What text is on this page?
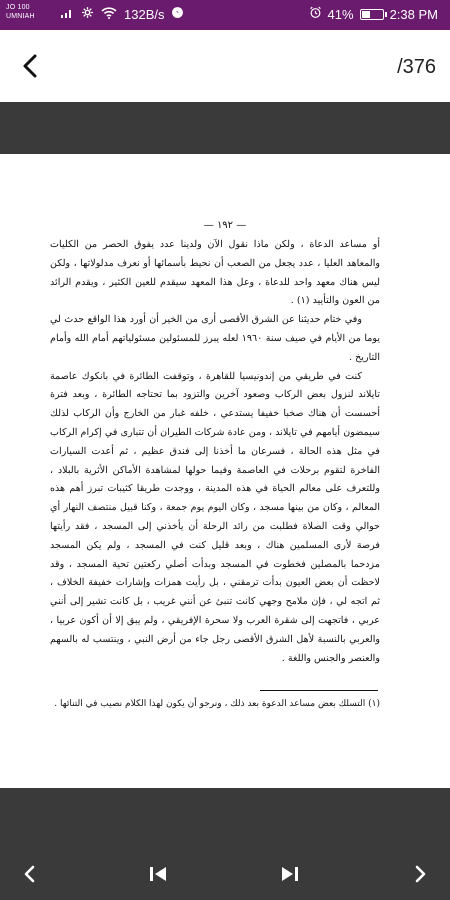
JO 100
UMNIAH	132B/s	41%	2:38 PM
/376
— ١٩٢ —

أو مساعد الدعاة ، ولكن ماذا نقول الآن ولدينا عدد يفوق الحصر من الكليات والمعاهد العليا ، عدد يجعل من الصعب أن نحيط بأسمائها أو نعرف مدلولاتها ، ولكن ليس هناك معهد واحد للدعاة ، وعل هذا المعهد سيقدم للعين الكثير ، ويقدم الرائد من العون والتأييد (١) .

وفي ختام حديثنا عن الشرق الأقصى أرى من الخير أن أورد هذا الواقع حدث لي يوما من الأيام في صيف سنة ١٩٦٠ لعله يبرز للمسئولين مسئولياتهم أمام الله وأمام التاريخ .

كنت في طريقي من إندونيسيا للقاهرة ، وتوقفت الطائرة في بانكوك عاصمة تايلاند لنزول بعض الركاب وصعود آخرين والتزود بما تحتاجه الطائرة ، وبعد فترة أحسست أن هناك صخبا خفيفا يستدعي ، خلفه غبار من الخارج وأن الركاب لذلك سيمضون أيامهم في تايلاند ، ومن عادة شركات الطيران أن تتبارى في إكرام الركاب في مثل هذه الحالة ، فسرعان ما أخذنا إلى فندق عظيم ، ثم أعدت السيارات الفاخرة لتقوم برحلات في العاصمة وفيما حولها لمشاهدة الأماكن الأثرية بالبلاد ، وللتعرف على معالم الحياة في هذه المدينة ، ووجدت طريقا كثيبات تبرز أهم هذه المعالم ، وكان من بينها مسجد ، وكان اليوم يوم جمعة ، وكنا قبيل منتصف النهار أي حوالي وقت الصلاة فطلبت من رائد الرحلة أن يأخذني إلى المسجد ، فقد رأيتها فرصة لأرى المسلمين هناك ، وبعد قليل كنت في المسجد ، ولم يكن المسجد مزدحما بالمصلين فخطوت في المسجد وبدأت أصلي ركعتين تحية المسجد ، وقد لاحظت أن بعض العيون بدأت ترمقني ، بل رأيت همزات وإشارات خفيفة الخلاف ، ثم اتجه لي ، فإن ملامح وجهي كانت تنبئ عن أنني غريب ، بل كانت تشير إلى أنني عربي ، فاتجهت إلى شقرة العرب ولا سحرة الإفريقي ، ولم يبق إلا أن أكون عربيا ، والعربي بالنسبة لأهل الشرق الأقصى رجل جاء من أرض النبي ، وينتسب له بالسهم والعنصر والجنس واللغة .

(١) التسلك بعض مساعد الدعوة بعد ذلك ، ونرجو أن يكون لهذا الكلام نصيب في التنائها .
